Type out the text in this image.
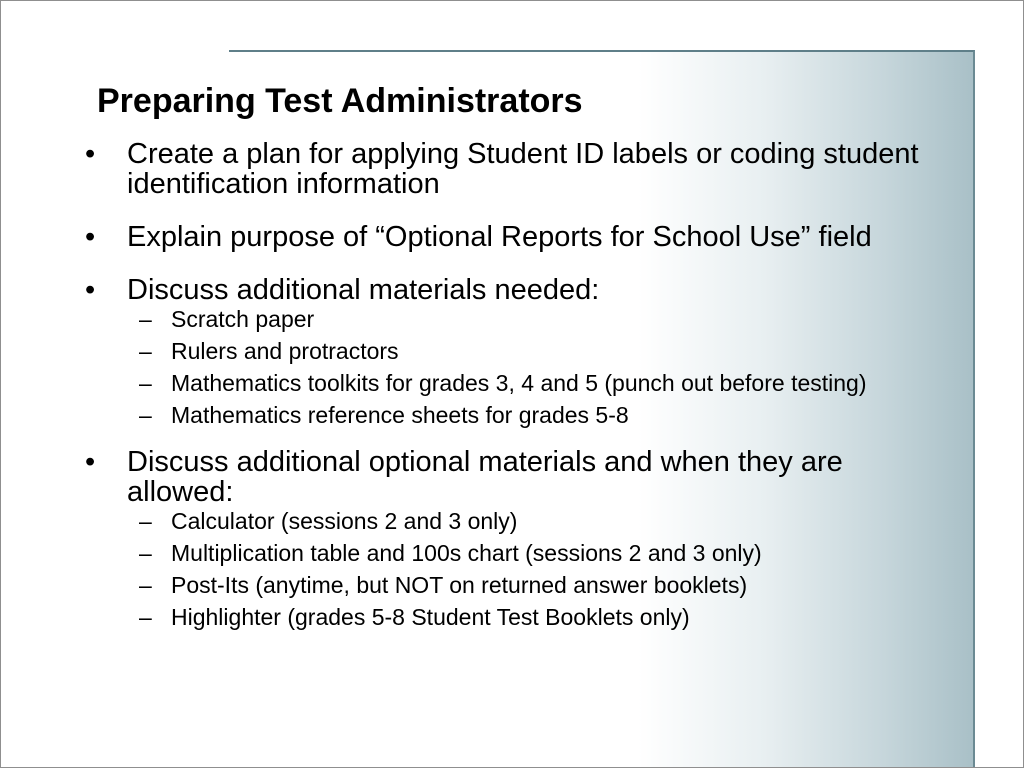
Preparing Test Administrators
• Create a plan for applying Student ID labels or coding student identification information
• Explain purpose of “Optional Reports for School Use” field
• Discuss additional materials needed:
– Scratch paper
– Rulers and protractors
– Mathematics toolkits for grades 3, 4 and 5 (punch out before testing)
– Mathematics reference sheets for grades 5-8
• Discuss additional optional materials and when they are allowed:
– Calculator (sessions 2 and 3 only)
– Multiplication table and 100s chart (sessions 2 and 3 only)
– Post-Its (anytime, but NOT on returned answer booklets)
– Highlighter (grades 5-8 Student Test Booklets only)
